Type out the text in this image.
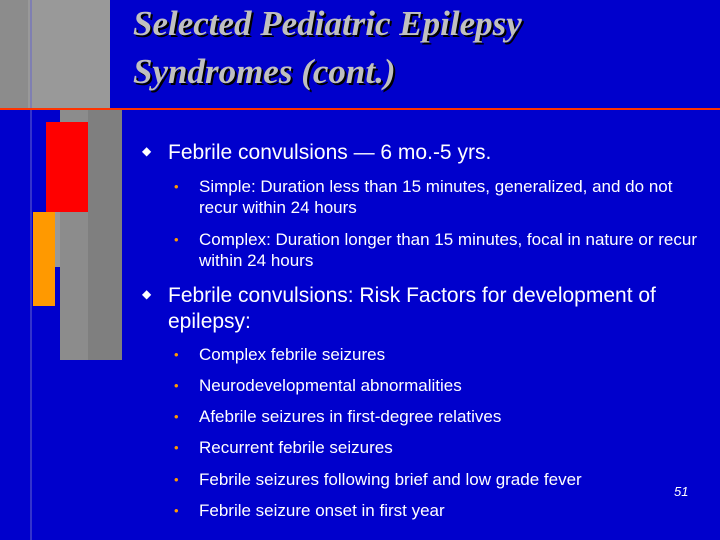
Selected Pediatric Epilepsy
Syndromes (cont.)
◆ Febrile convulsions — 6 mo.-5 yrs.
• Simple: Duration less than 15 minutes, generalized, and do not recur within 24 hours
• Complex: Duration longer than 15 minutes, focal in nature or recur within 24 hours
◆ Febrile convulsions: Risk Factors for development of epilepsy:
• Complex febrile seizures
• Neurodevelopmental abnormalities
• Afebrile seizures in first-degree relatives
• Recurrent febrile seizures
• Febrile seizures following brief and low grade fever
• Febrile seizure onset in first year
51
